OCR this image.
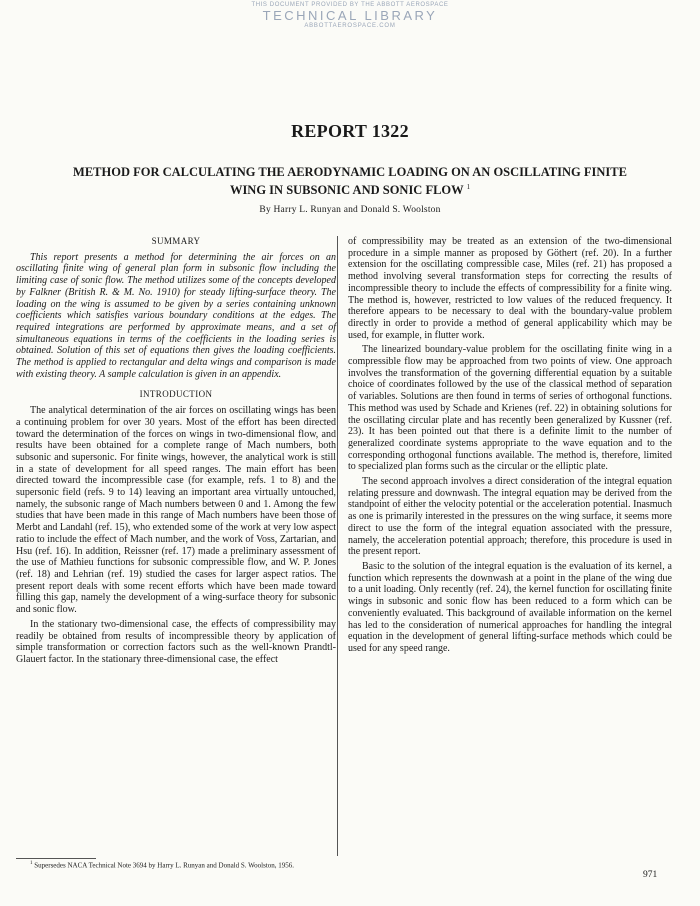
THIS DOCUMENT PROVIDED BY THE ABBOTT AEROSPACE
TECHNICAL LIBRARY
ABBOTTAEROSPACE.COM
REPORT 1322
METHOD FOR CALCULATING THE AERODYNAMIC LOADING ON AN OSCILLATING FINITE WING IN SUBSONIC AND SONIC FLOW $^1$
By Harry L. Runyan and Donald S. Woolston
SUMMARY

This report presents a method for determining the air forces on an oscillating finite wing of general plan form in subsonic flow including the limiting case of sonic flow. The method utilizes some of the concepts developed by Falkner (British R. & M. No. 1910) for steady lifting-surface theory. The loading on the wing is assumed to be given by a series containing unknown coefficients which satisfies various boundary conditions at the edges. The required integrations are performed by approximate means, and a set of simultaneous equations in terms of the coefficients in the loading series is obtained. Solution of this set of equations then gives the loading coefficients. The method is applied to rectangular and delta wings and comparison is made with existing theory. A sample calculation is given in an appendix.

INTRODUCTION

The analytical determination of the air forces on oscillating wings has been a continuing problem for over 30 years. Most of the effort has been directed toward the determination of the forces on wings in two-dimensional flow, and results have been obtained for a complete range of Mach numbers, both subsonic and supersonic. For finite wings, however, the analytical work is still in a state of development for all speed ranges. The main effort has been directed toward the incompressible case (for example, refs. 1 to 8) and the supersonic field (refs. 9 to 14) leaving an important area virtually untouched, namely, the subsonic range of Mach numbers between 0 and 1. Among the few studies that have been made in this range of Mach numbers have been those of Merbt and Landahl (ref. 15), who extended some of the work at very low aspect ratio to include the effect of Mach number, and the work of Voss, Zartarian, and Hsu (ref. 16). In addition, Reissner (ref. 17) made a preliminary assessment of the use of Mathieu functions for subsonic compressible flow, and W. P. Jones (ref. 18) and Lehrian (ref. 19) studied the cases for larger aspect ratios. The present report deals with some recent efforts which have been made toward filling this gap, namely the development of a wing-surface theory for subsonic and sonic flow.

In the stationary two-dimensional case, the effects of compressibility may readily be obtained from results of incompressible theory by application of simple transformation or correction factors such as the well-known Prandtl-Glauert factor. In the stationary three-dimensional case, the effect

of compressibility may be treated as an extension of the two-dimensional procedure in a simple manner as proposed by Göthert (ref. 20). In a further extension for the oscillating compressible case, Miles (ref. 21) has proposed a method involving several transformation steps for correcting the results of incompressible theory to include the effects of compressibility for a finite wing. The method is, however, restricted to low values of the reduced frequency. It therefore appears to be necessary to deal with the boundary-value problem directly in order to provide a method of general applicability which may be used, for example, in flutter work.

The linearized boundary-value problem for the oscillating finite wing in a compressible flow may be approached from two points of view. One approach involves the transformation of the governing differential equation by a suitable choice of coordinates followed by the use of the classical method of separation of variables. Solutions are then found in terms of series of orthogonal functions. This method was used by Schade and Krienes (ref. 22) in obtaining solutions for the oscillating circular plate and has recently been generalized by Kussner (ref. 23). It has been pointed out that there is a definite limit to the number of generalized coordinate systems appropriate to the wave equation and to the corresponding orthogonal functions available. The method is, therefore, limited to specialized plan forms such as the circular or the elliptic plate.

The second approach involves a direct consideration of the integral equation relating pressure and downwash. The integral equation may be derived from the standpoint of either the velocity potential or the acceleration potential. Inasmuch as one is primarily interested in the pressures on the wing surface, it seems more direct to use the form of the integral equation associated with the pressure, namely, the acceleration potential approach; therefore, this procedure is used in the present report.

Basic to the solution of the integral equation is the evaluation of its kernel, a function which represents the downwash at a point in the plane of the wing due to a unit loading. Only recently (ref. 24), the kernel function for oscillating finite wings in subsonic and sonic flow has been reduced to a form which can be conveniently evaluated. This background of available information on the kernel has led to the consideration of numerical approaches for handling the integral equation in the development of general lifting-surface methods which could be used for any speed range.

$^1$ Supersedes NACA Technical Note 3694 by Harry L. Runyan and Donald S. Woolston, 1956.
971
